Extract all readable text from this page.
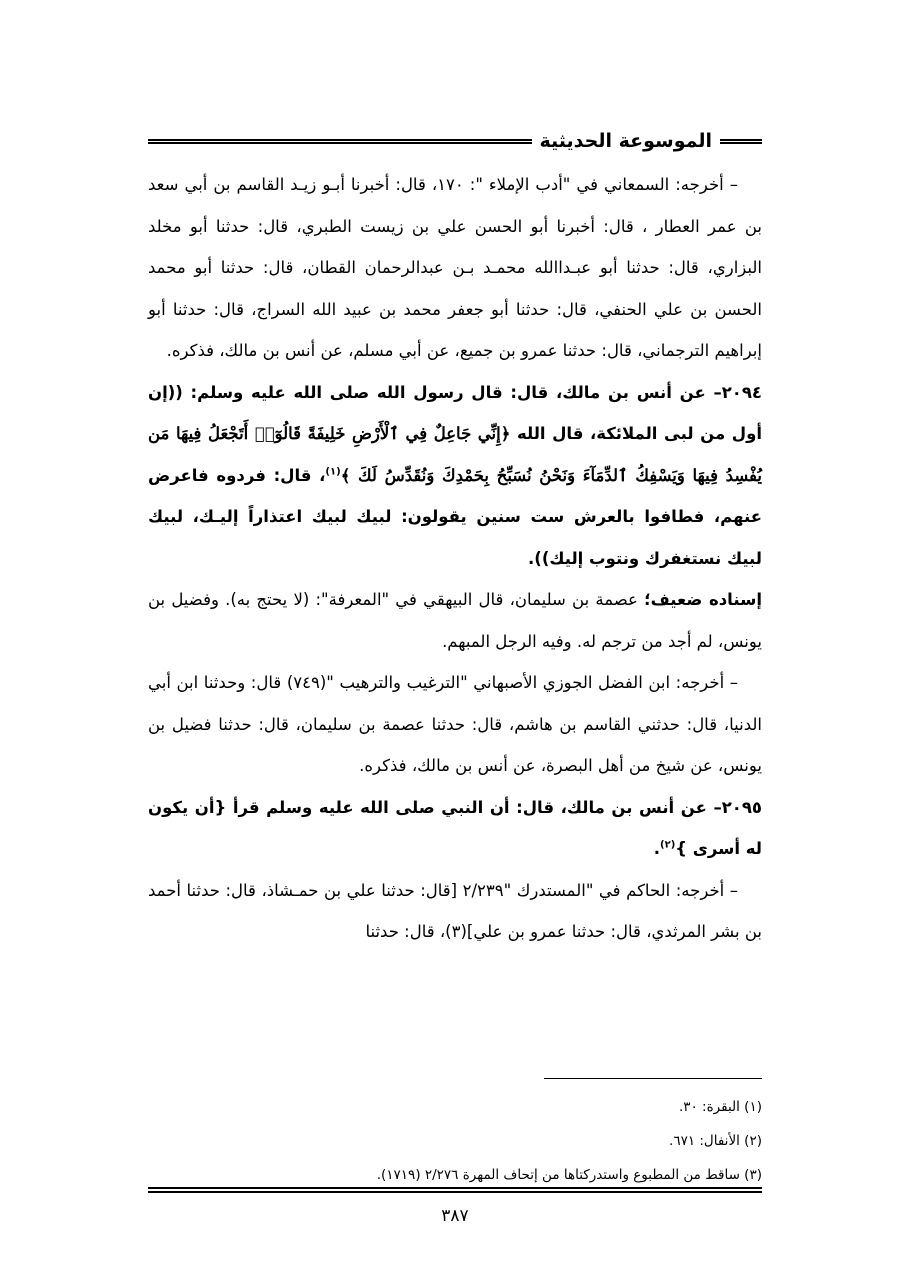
الموسوعة الحديثية

– أخرجه: السمعاني في "أدب الإملاء ": ١٧٠، قال: أخبرنا أبـو زيـد القاسم بن أبي سعد بن عمر العطار ، قال: أخبرنا أبو الحسن علي بن زيست الطبري، قال: حدثنا أبو مخلد البزاري، قال: حدثنا أبو عبـداالله محمـد بـن عبدالرحمان القطان، قال: حدثنا أبو محمد الحسن بن علي الحنفي، قال: حدثنا أبو جعفر محمد بن عبيد الله السراج، قال: حدثنا أبو إبراهيم الترجماني، قال: حدثنا عمرو بن جميع، عن أبي مسلم، عن أنس بن مالك، فذكره.

٢٠٩٤– عن أنس بن مالك، قال: قال رسول الله صلى الله عليه وسلم: ((إن أول من لبى الملائكة، قال الله ﴿إِنِّي جَاعِلٌ فِي ٱلْأَرْضِ خَلِيفَةً قَالُوٓا۟ أَتَجْعَلُ فِيهَا مَن يُفْسِدُ فِيهَا وَيَسْفِكُ ٱلدِّمَآءَ وَنَحْنُ نُسَبِّحُ بِحَمْدِكَ وَنُقَدِّسُ لَكَ ﴾$^{(١)}$، قال: فردوه فاعرض عنهم، فطافوا بالعرش ست سنين يقولون: لبيك لبيك اعتذاراً إليـك، لبيك لبيك نستغفرك ونتوب إليك)).

إسناده ضعيف؛ عصمة بن سليمان، قال البيهقي في "المعرفة": (لا يحتج به). وفضيل بن يونس، لم أجد من ترجم له. وفيه الرجل المبهم.

– أخرجه: ابن الفضل الجوزي الأصبهاني "الترغيب والترهيب "(٧٤٩) قال: وحدثنا ابن أبي الدنيا، قال: حدثني القاسم بن هاشم، قال: حدثنا عصمة بن سليمان، قال: حدثنا فضيل بن يونس، عن شيخ من أهل البصرة، عن أنس بن مالك، فذكره.

٢٠٩٥– عن أنس بن مالك، قال: أن النبي صلى الله عليه وسلم قرأ {أن يكون له أسرى }$^{(٢)}$.

– أخرجه: الحاكم في "المستدرك "٢/٢٣٩ [قال: حدثنا علي بن حمـشاذ، قال: حدثنا أحمد بن بشر المرثدي، قال: حدثنا عمرو بن علي](٣)، قال: حدثنا

(١) البقرة: ٣٠.

(٢) الأنفال: ٦٧١.

(٣) ساقط من المطبوع واستدركتاها من إتحاف المهرة ٢/٢٧٦ (١٧١٩).

٣٨٧
